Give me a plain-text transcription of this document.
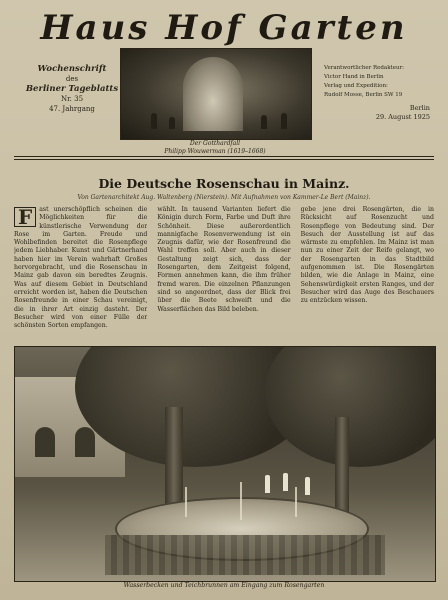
Haus Hof Garten
Wochenschrift
des
Berliner Tageblatts
Nr. 35
47. Jahrgang
Der Gotthardfall
Philipp Wouwerman (1619–1668)
Verantwortlicher Redakteur:
Victor Hand in Berlin
Verlag und Expedition:
Rudolf Mosse, Berlin SW 19
Berlin
29. August 1925
Die Deutsche Rosenschau in Mainz.
Von Gartenarchitekt Aug. Waltenberg (Nierstein). Mit Aufnahmen von Kammer-Le Bert (Mainz).
F	ast unerschöpflich scheinen die Möglichkeiten für die künstlerische Verwendung der Rose im Garten. Freude und Wohlbefinden bereitet die Rosenpflege jedem Liebhaber. Kunst und Gärtnerhand haben hier im Verein wahrhaft Großes hervorgebracht, und die Rosenschau in Mainz gab davon ein beredtes Zeugnis. Was auf diesem Gebiet in Deutschland erreicht worden ist, haben die Deutschen Rosenfreunde in einer Schau vereinigt, die in ihrer Art einzig dasteht. Der Besucher wird von einer Fülle der schönsten Sorten empfangen.
wählt. In tausend Varianten liefert die Königin durch Form, Farbe und Duft ihre Schönheit. Diese außerordentlich mannigfache Rosenverwendung ist ein Zeugnis dafür, wie der Rosenfreund die Wahl treffen soll. Aber auch in dieser Gestaltung zeigt sich, dass der Rosengarten, dem Zeitgeist folgend, Formen annehmen kann, die ihm früher fremd waren. Die einzelnen Pflanzungen sind so angeordnet, dass der Blick frei über die Beete schweift und die Wasserflächen das Bild beleben.
gebe jene drei Rosengärten, die in Rücksicht auf Rosenzucht und Rosenpflege von Bedeutung sind. Der Besuch der Ausstellung ist auf das wärmste zu empfehlen. Im Mainz ist man nun zu einer Zeit der Reife gelangt, wo der Rosengarten in das Stadtbild aufgenommen ist. Die Rosengärten bilden, wie die Anlage in Mainz, eine Sehenswürdigkeit ersten Ranges, und der Besucher wird das Auge des Beschauers zu entzücken wissen.
Wasserbecken und Teichbrunnen am Eingang zum Rosengarten
